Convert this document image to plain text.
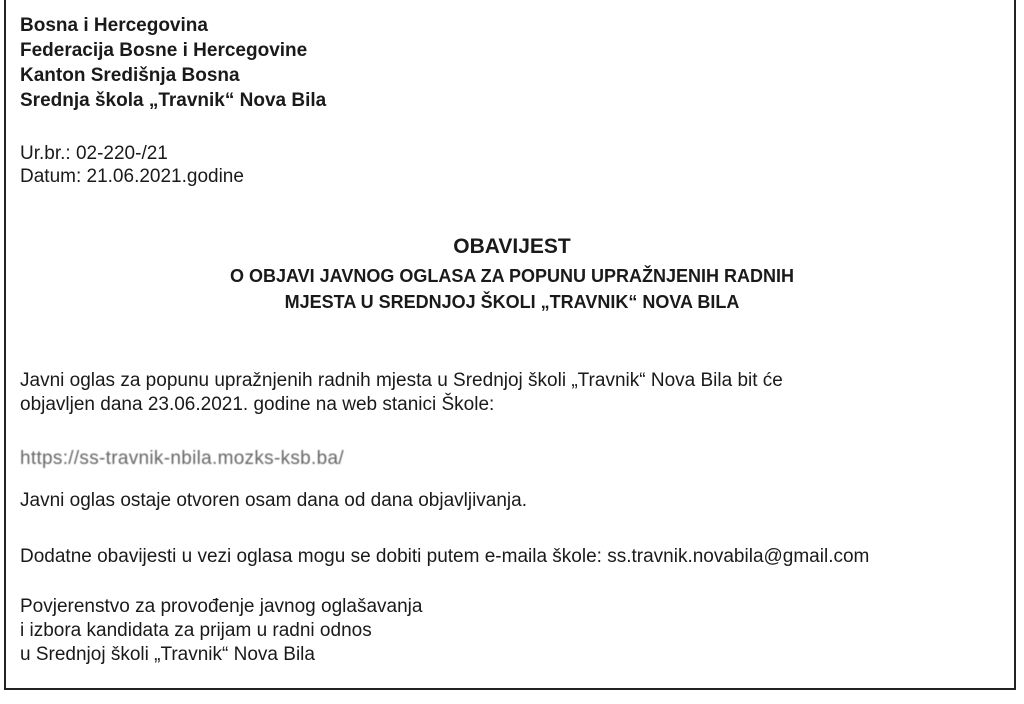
Bosna i Hercegovina
Federacija Bosne i Hercegovine
Kanton Središnja Bosna
Srednja škola „Travnik“ Nova Bila
Ur.br.: 02-220-/21
Datum: 21.06.2021.godine
OBAVIJEST
O OBJAVI JAVNOG OGLASA ZA POPUNU UPRAŽNJENIH RADNIH
MJESTA U SREDNJOJ ŠKOLI „TRAVNIK“ NOVA BILA
Javni oglas za popunu upražnjenih radnih mjesta u Srednjoj školi „Travnik“ Nova Bila bit će
objavljen dana 23.06.2021. godine na web stanici Škole:
https://ss-travnik-nbila.mozks-ksb.ba/
Javni oglas ostaje otvoren osam dana od dana objavljivanja.
Dodatne obavijesti u vezi oglasa mogu se dobiti putem e-maila škole: ss.travnik.novabila@gmail.com
Povjerenstvo za provođenje javnog oglašavanja
i izbora kandidata za prijam u radni odnos
u Srednjoj školi „Travnik“ Nova Bila
